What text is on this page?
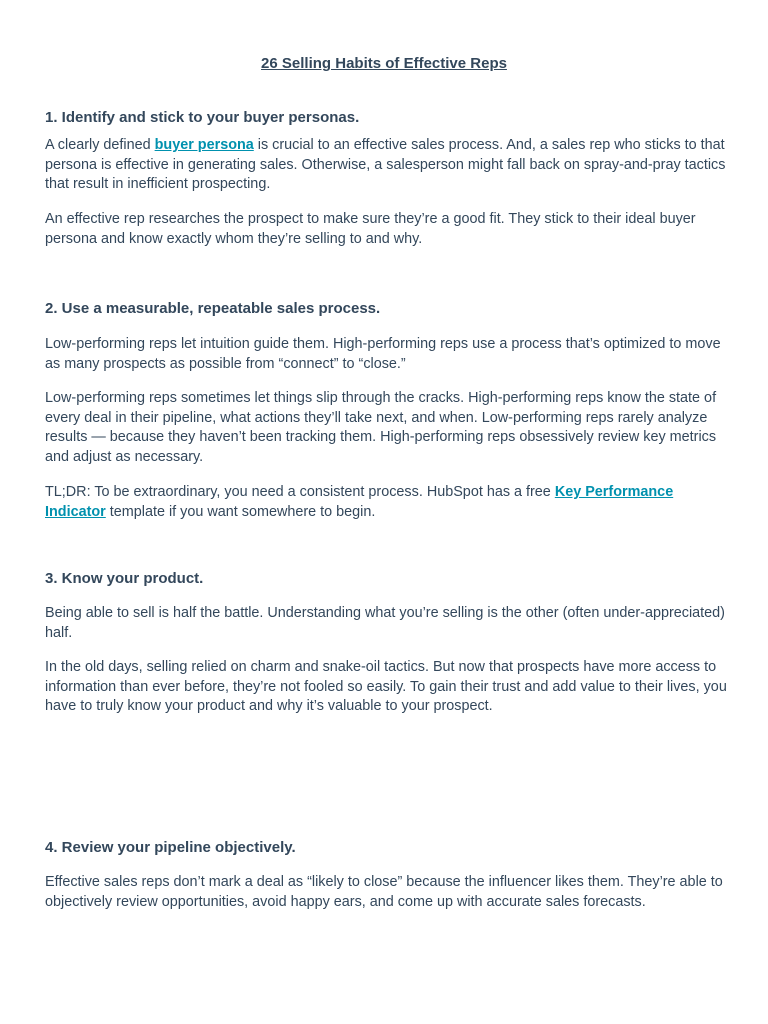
26 Selling Habits of Effective Reps
1. Identify and stick to your buyer personas.

A clearly defined buyer persona is crucial to an effective sales process. And, a sales rep who sticks to that persona is effective in generating sales. Otherwise, a salesperson might fall back on spray-and-pray tactics that result in inefficient prospecting.

An effective rep researches the prospect to make sure they’re a good fit. They stick to their ideal buyer persona and know exactly whom they’re selling to and why.

2. Use a measurable, repeatable sales process.

Low-performing reps let intuition guide them. High-performing reps use a process that’s optimized to move as many prospects as possible from “connect” to “close.”

Low-performing reps sometimes let things slip through the cracks. High-performing reps know the state of every deal in their pipeline, what actions they’ll take next, and when. Low-performing reps rarely analyze results — because they haven’t been tracking them. High-performing reps obsessively review key metrics and adjust as necessary.

TL;DR: To be extraordinary, you need a consistent process. HubSpot has a free Key Performance Indicator template if you want somewhere to begin.

3. Know your product.

Being able to sell is half the battle. Understanding what you’re selling is the other (often under-appreciated) half.

In the old days, selling relied on charm and snake-oil tactics. But now that prospects have more access to information than ever before, they’re not fooled so easily. To gain their trust and add value to their lives, you have to truly know your product and why it’s valuable to your prospect.

4. Review your pipeline objectively.

Effective sales reps don’t mark a deal as “likely to close” because the influencer likes them. They’re able to objectively review opportunities, avoid happy ears, and come up with accurate sales forecasts.
